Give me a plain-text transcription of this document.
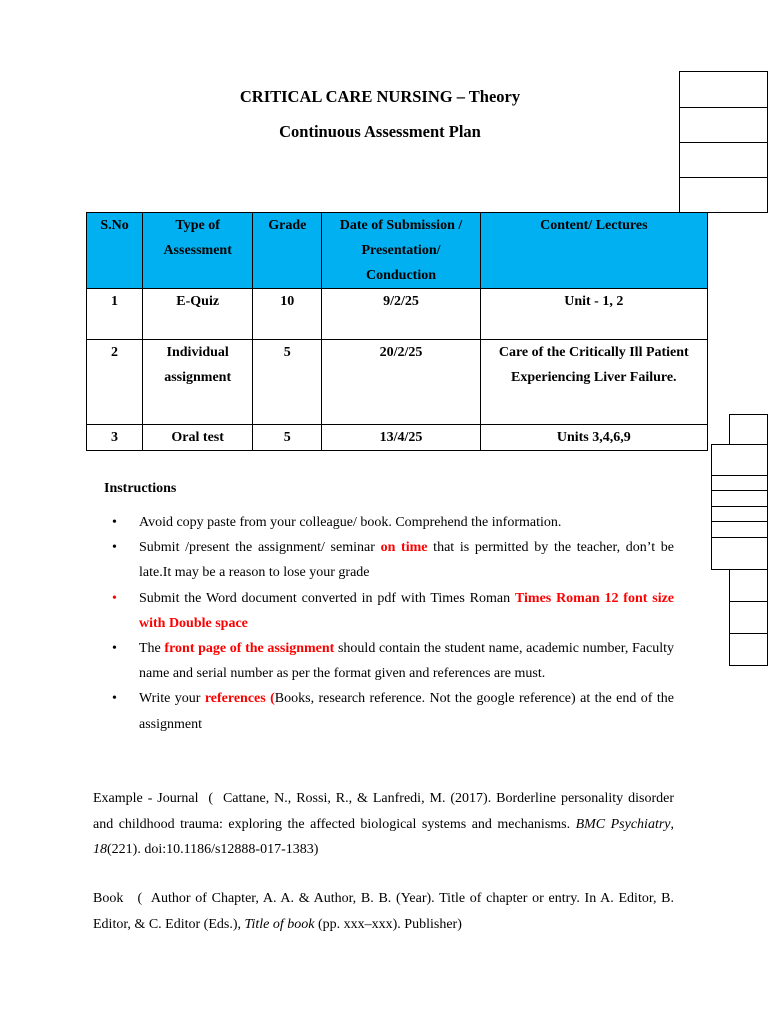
CRITICAL CARE NURSING – Theory
Continuous Assessment Plan
S.No	Type of Assessment	Grade	Date of Submission / Presentation/ Conduction	Content/ Lectures
1	E-Quiz	10	9/2/25	Unit - 1, 2
2	Individual assignment	5	20/2/25	Care of the Critically Ill Patient Experiencing Liver Failure.
3	Oral test	5	13/4/25	Units 3,4,6,9
Instructions
• Avoid copy paste from your colleague/ book. Comprehend the information.
• Submit /present the assignment/ seminar on time that is permitted by the teacher, don’t be late.It may be a reason to lose your grade
• Submit the Word document converted in pdf with Times Roman Times Roman 12 font size with Double space
• The front page of the assignment should contain the student name, academic number, Faculty name and serial number as per the format given and references are must.
• Write your references (Books, research reference. Not the google reference) at the end of the assignment

Example - Journal  (  Cattane, N., Rossi, R., & Lanfredi, M. (2017). Borderline personality disorder and childhood trauma: exploring the affected biological systems and mechanisms. BMC Psychiatry, 18(221). doi:10.1186/s12888-017-1383)

Book   (  Author of Chapter, A. A. & Author, B. B. (Year). Title of chapter or entry. In A. Editor, B. Editor, & C. Editor (Eds.), Title of book (pp. xxx–xxx). Publisher)
